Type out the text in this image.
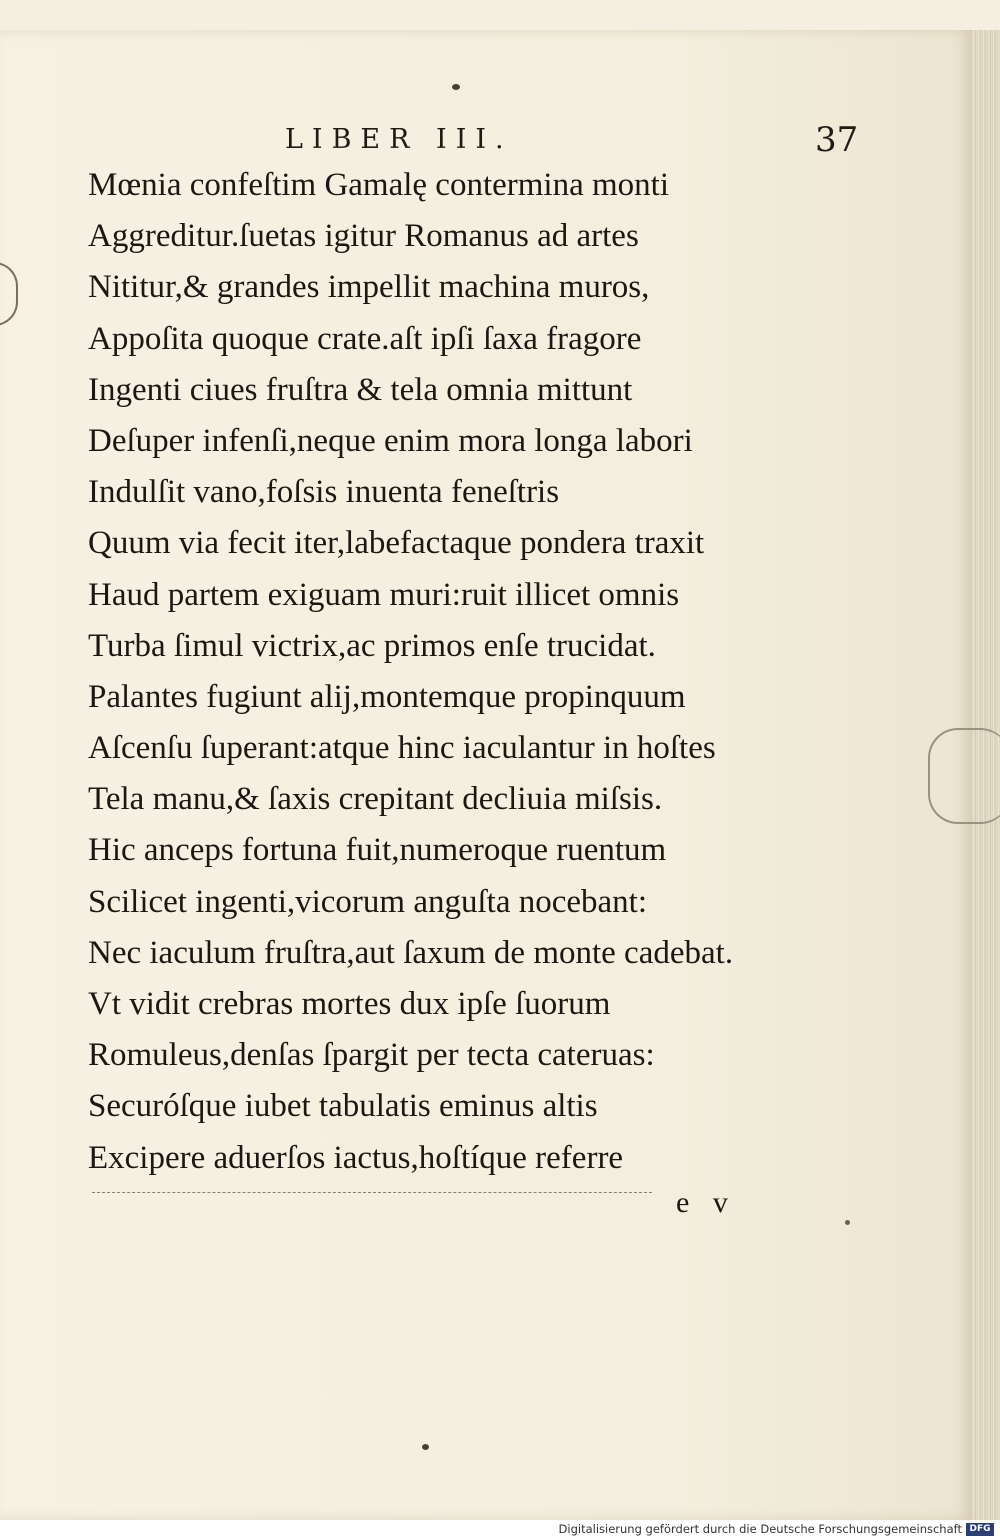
LIBER III.	37
Mœnia confeſtim Gamalę contermina monti
Aggreditur.ſuetas igitur Romanus ad artes
Nititur,& grandes impellit machina muros,
Appoſita quoque crate.aſt ipſi ſaxa fragore
Ingenti ciues fruſtra & tela omnia mittunt
Deſuper infenſi,neque enim mora longa labori
Indulſit vano,foſsis inuenta feneſtris
Quum via fecit iter,labefactaque pondera traxit
Haud partem exiguam muri:ruit illicet omnis
Turba ſimul victrix,ac primos enſe trucidat.
Palantes fugiunt alij,montemque propinquum
Aſcenſu ſuperant:atque hinc iaculantur in hoſtes
Tela manu,& ſaxis crepitant decliuia miſsis.
Hic anceps fortuna fuit,numeroque ruentum
Scilicet ingenti,vicorum anguſta nocebant:
Nec iaculum fruſtra,aut ſaxum de monte cadebat.
Vt vidit crebras mortes dux ipſe ſuorum
Romuleus,denſas ſpargit per tecta cateruas:
Securóſque iubet tabulatis eminus altis
Excipere aduerſos iactus,hoſtíque referre
e v
Digitalisierung gefördert durch die Deutsche Forschungsgemeinschaft DFG
